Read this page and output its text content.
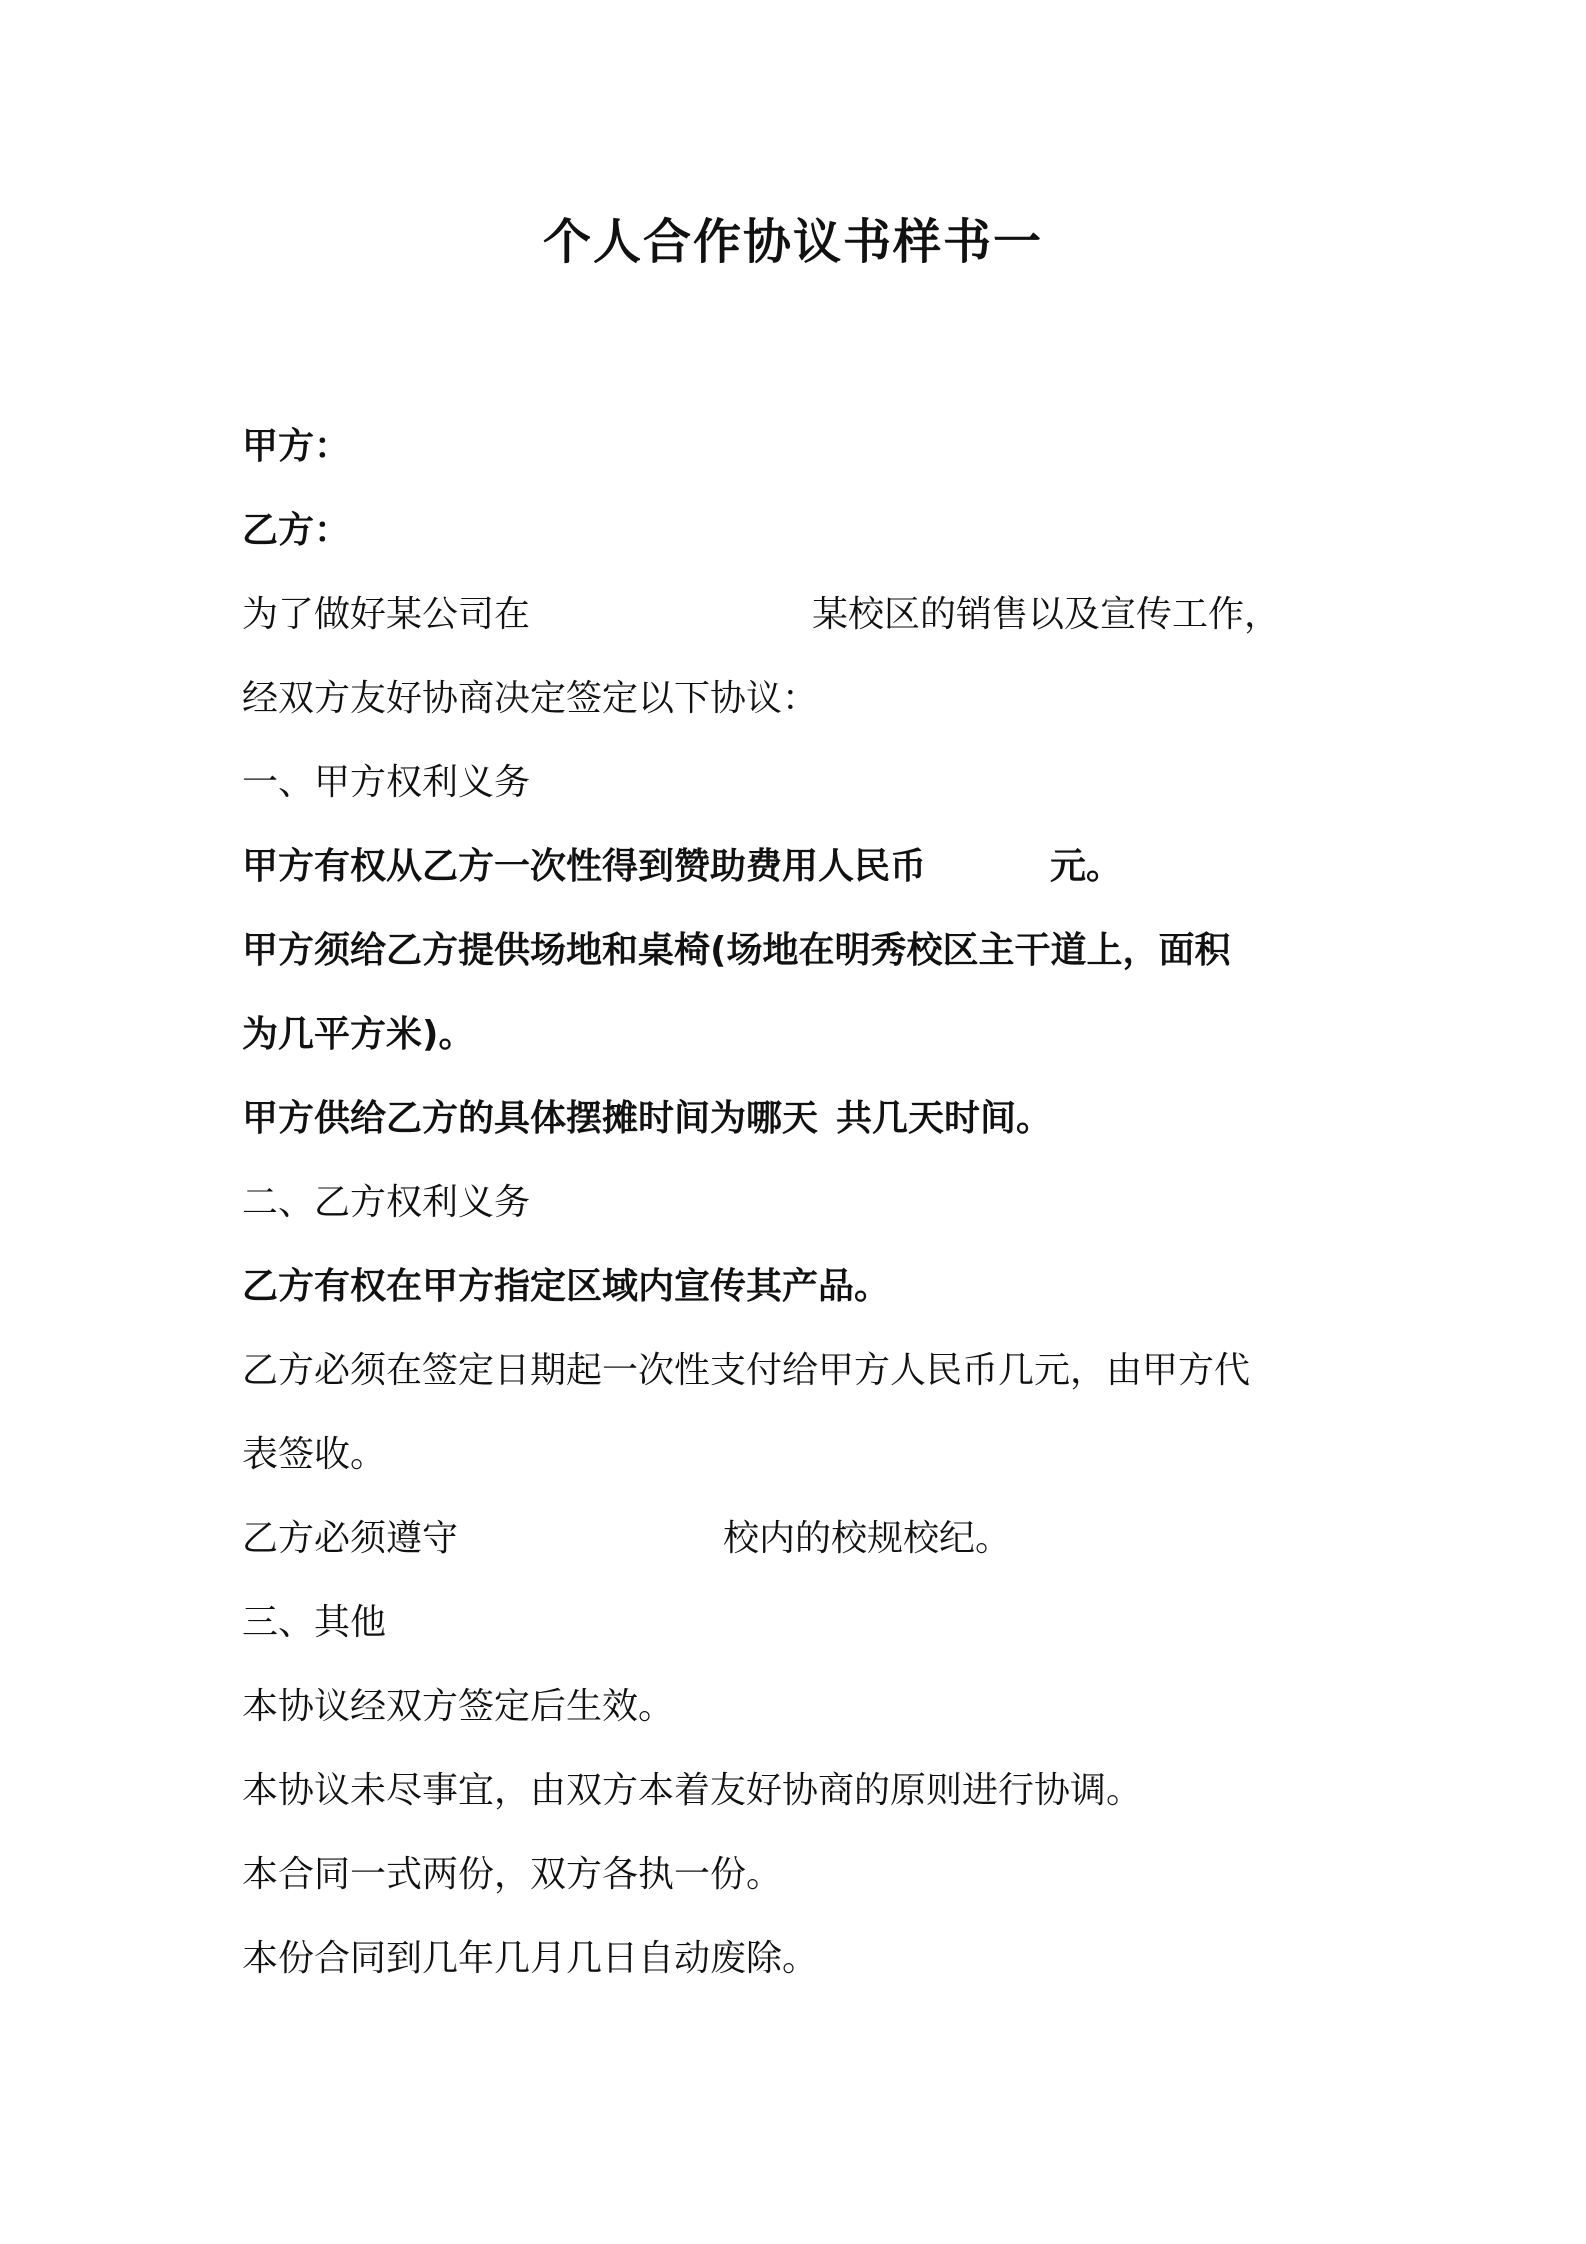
个人合作协议书样书一

甲方：

乙方：

为了做好某公司在	某校区的销售以及宣传工作，

经双方友好协商决定签定以下协议：

一、甲方权利义务

甲方有权从乙方一次性得到赞助费用人民币	元。

甲方须给乙方提供场地和桌椅(场地在明秀校区主干道上，面积

为几平方米)。

甲方供给乙方的具体摆摊时间为哪天 共几天时间。

二、乙方权利义务

乙方有权在甲方指定区域内宣传其产品。

乙方必须在签定日期起一次性支付给甲方人民币几元，由甲方代

表签收。

乙方必须遵守	校内的校规校纪。

三、其他

本协议经双方签定后生效。

本协议未尽事宜，由双方本着友好协商的原则进行协调。

本合同一式两份，双方各执一份。

本份合同到几年几月几日自动废除。
